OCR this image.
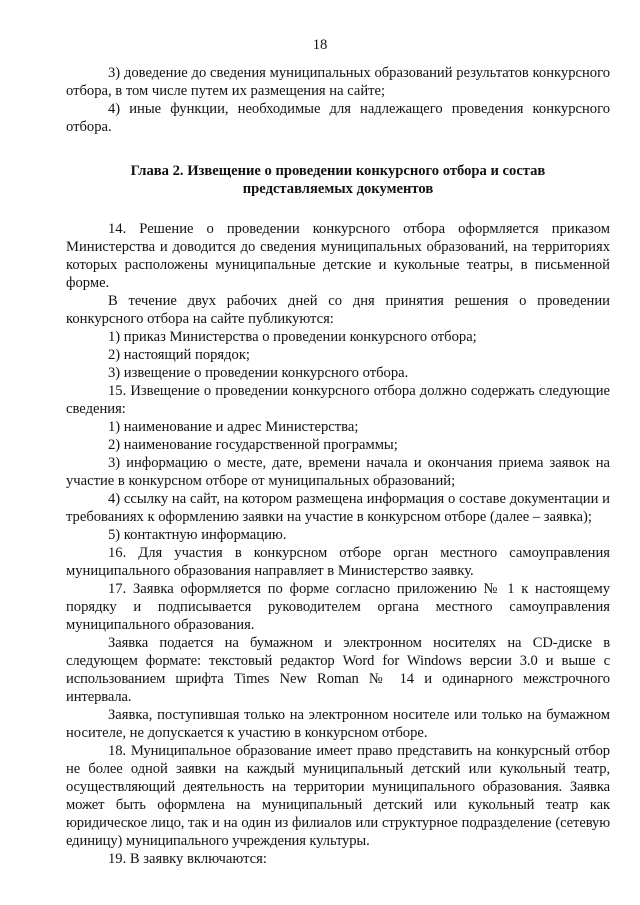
18

3) доведение до сведения муниципальных образований результатов конкурсного отбора, в том числе путем их размещения на сайте;

4) иные функции, необходимые для надлежащего проведения конкурсного отбора.

Глава 2. Извещение о проведении конкурсного отбора и состав
представляемых документов

14. Решение о проведении конкурсного отбора оформляется приказом Министерства и доводится до сведения муниципальных образований, на территориях которых расположены муниципальные детские и кукольные театры, в письменной форме.

В течение двух рабочих дней со дня принятия решения о проведении конкурсного отбора на сайте публикуются:

1) приказ Министерства о проведении конкурсного отбора;

2) настоящий порядок;

3) извещение о проведении конкурсного отбора.

15. Извещение о проведении конкурсного отбора должно содержать следующие сведения:

1) наименование и адрес Министерства;

2) наименование государственной программы;

3) информацию о месте, дате, времени начала и окончания приема заявок на участие в конкурсном отборе от муниципальных образований;

4) ссылку на сайт, на котором размещена информация о составе документации и требованиях к оформлению заявки на участие в конкурсном отборе (далее – заявка);

5) контактную информацию.

16. Для участия в конкурсном отборе орган местного самоуправления муниципального образования направляет в Министерство заявку.

17. Заявка оформляется по форме согласно приложению № 1 к настоящему порядку и подписывается руководителем органа местного самоуправления муниципального образования.

Заявка подается на бумажном и электронном носителях на CD-диске в следующем формате: текстовый редактор Word for Windows версии 3.0 и выше с использованием шрифта Times New Roman № 14 и одинарного межстрочного интервала.

Заявка, поступившая только на электронном носителе или только на бумажном носителе, не допускается к участию в конкурсном отборе.

18. Муниципальное образование имеет право представить на конкурсный отбор не более одной заявки на каждый муниципальный детский или кукольный театр, осуществляющий деятельность на территории муниципального образования. Заявка может быть оформлена на муниципальный детский или кукольный театр как юридическое лицо, так и на один из филиалов или структурное подразделение (сетевую единицу) муниципального учреждения культуры.

19. В заявку включаются:
